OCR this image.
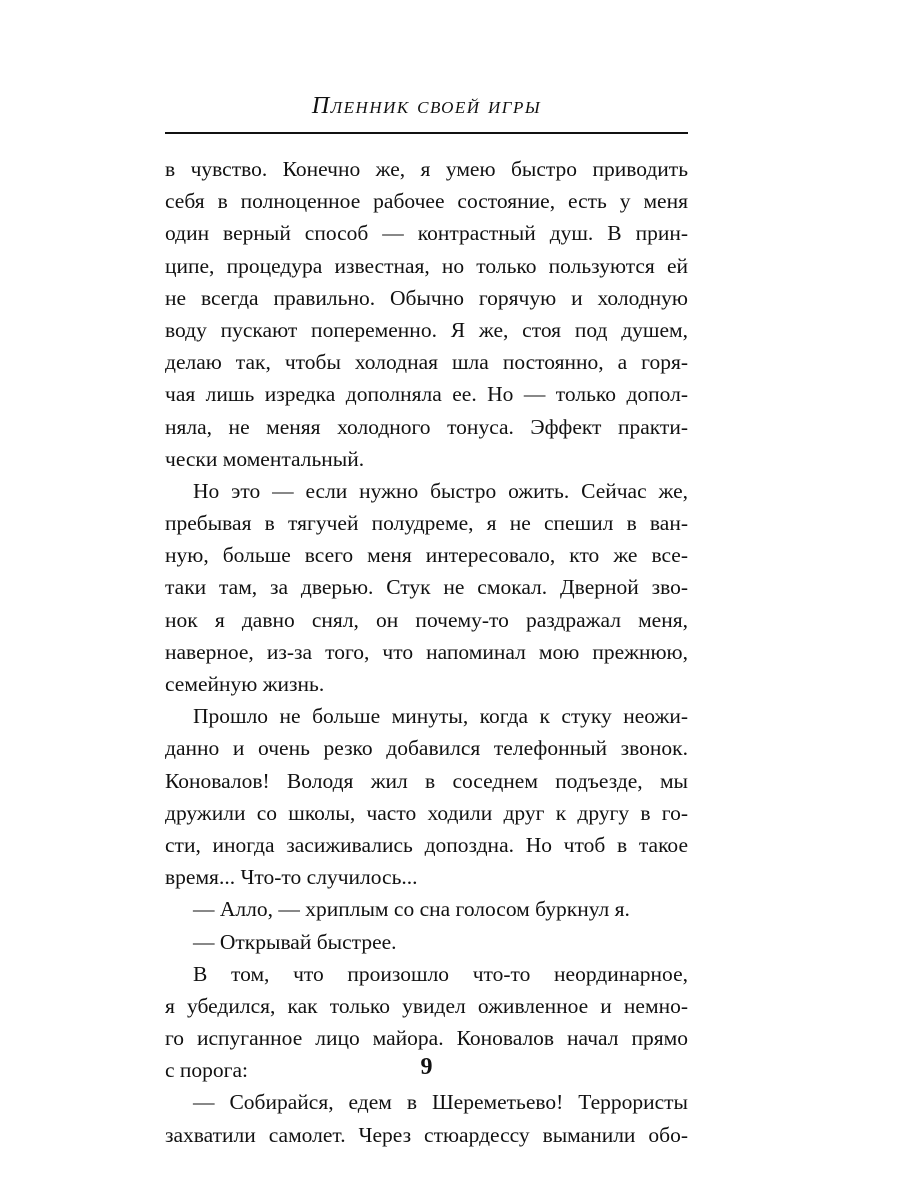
Пленник своей игры
в чувство. Конечно же, я умею быстро приводить
себя в полноценное рабочее состояние, есть у меня
один верный способ — контрастный душ. В прин-
ципе, процедура известная, но только пользуются ей
не всегда правильно. Обычно горячую и холодную
воду пускают попеременно. Я же, стоя под душем,
делаю так, чтобы холодная шла постоянно, а горя-
чая лишь изредка дополняла ее. Но — только допол-
няла, не меняя холодного тонуса. Эффект практи-
чески моментальный.
Но это — если нужно быстро ожить. Сейчас же,
пребывая в тягучей полудреме, я не спешил в ван-
ную, больше всего меня интересовало, кто же все-
таки там, за дверью. Стук не смокал. Дверной зво-
нок я давно снял, он почему-то раздражал меня,
наверное, из-за того, что напоминал мою прежнюю,
семейную жизнь.
Прошло не больше минуты, когда к стуку неожи-
данно и очень резко добавился телефонный звонок.
Коновалов! Володя жил в соседнем подъезде, мы
дружили со школы, часто ходили друг к другу в го-
сти, иногда засиживались допоздна. Но чтоб в такое
время... Что-то случилось...
— Алло, — хриплым со сна голосом буркнул я.
— Открывай быстрее.
В том, что произошло что-то неординарное,
я убедился, как только увидел оживленное и немно-
го испуганное лицо майора. Коновалов начал прямо
с порога:
— Собирайся, едем в Шереметьево! Террористы
захватили самолет. Через стюардессу выманили обо-
9
